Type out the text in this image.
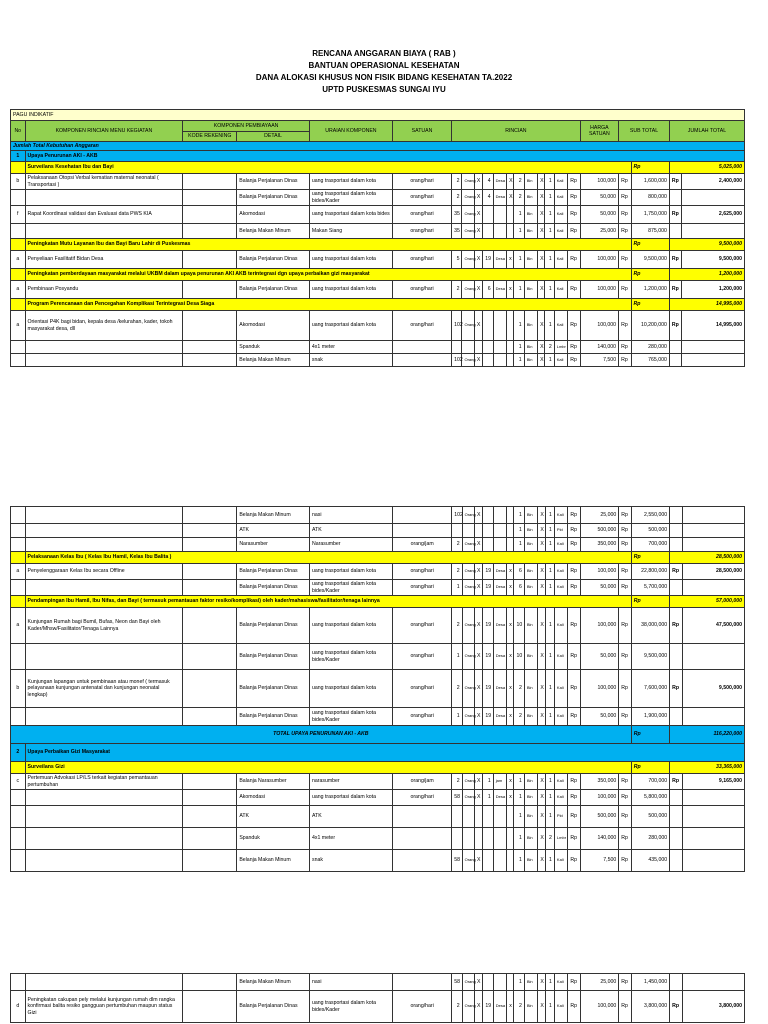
RENCANA ANGGARAN BIAYA ( RAB )
BANTUAN OPERASIONAL KESEHATAN
DANA ALOKASI KHUSUS NON FISIK BIDANG KESEHATAN TA.2022
UPTD PUSKESMAS SUNGAI IYU
PAGU INDIKATIF																						
No	KOMPONEN RINCIAN MENU KEGIATAN	KOMPONEN PEMBIAYAAN		URAIAN KOMPONEN	SATUAN	RINCIAN												HARGA SATUAN	SUB TOTAL		JUMLAH TOTAL	
		KODE REKENING	DETAIL																			
Jumlah Total Kebutuhan Anggaran																						
1	Upaya Penurunan AKI - AKB																					
	Surveilans Kesehatan Ibu dan Bayi																			Rp	5,025,000	
b	Pelaksanaan Otopsi Verbal kematian maternal neonatal ( Transportasi )		Balanja Perjalanan Dinas	uang trasportasi dalam kota	orang/hari	2	Orang	X	4	Desa	X	2	Bln	X	1	Kali	Rp	100,000	Rp	1,600,000	Rp	2,400,000
			Balanja Perjalanan Dinas	uang trasportasi dalam kota bides/Kader	orang/hari	2	Orang	X	4	Desa	X	2	Bln	X	1	Kali	Rp	50,000	Rp	800,000		
f	Rapat Koordinasi validasi dan Evaluasi data PWS KIA		Akomodasi	uang trasportasi dalam kota bides	orang/hari	35	Orang	X				1	Bln	X	1	Kali	Rp	50,000	Rp	1,750,000	Rp	2,625,000
			Belanja Makan Minum	Makan Siang	orang/hari	35	Orang	X				1	Bln	X	1	Kali	Rp	25,000	Rp	875,000		
	Peningkatan Mutu Layanan Ibu dan Bayi Baru Lahir di Puskesmas																			Rp	9,500,000	
a	Penyeliaan Fasilitatif Bidan Desa		Balanja Perjalanan Dinas	uang trasportasi dalam kota	orang/hari	5	Orang	X	19	Desa	x	1	Bln	X	1	Kali	Rp	100,000	Rp	9,500,000	Rp	9,500,000
	Peningkatan pemberdayaan masyarakat melalui UKBM dalam upaya penurunan AKI AKB terintegrasi dgn upaya perbaikan gizi masyarakat																			Rp	1,200,000	
a	Pembinaan Posyandu		Balanja Perjalanan Dinas	uang trasportasi dalam kota	orang/hari	2	Orang	X	6	Desa	x	1	Bln	X	1	Kali	Rp	100,000	Rp	1,200,000	Rp	1,200,000
	Program Perencanaan dan Pencegahan Komplikasi Terintegrasi Desa Siaga																			Rp	14,995,000	
a	Orientasi P4K bagi bidan, kepala desa /kelurahan, kader, tokoh masyarakat desa, dll		Akomodasi	uang trasportasi dalam kota	orang/hari	102	Orang	X				1	Bln	X	1	Kali	Rp	100,000	Rp	10,200,000	Rp	14,995,000
			Spanduk	4x1 meter								1	Bln	X	2	Lmbr	Rp	140,000	Rp	280,000		
			Belanja Makan Minum	snak		102	Orang	X				1	Bln	X	1	Kali	Rp	7,500	Rp	765,000		
			Belanja Makan Minum	nasi		102	Orang	X				1	Bln	X	1	Kali	Rp	25,000	Rp	2,550,000		
			ATK	ATK								1	Bln	X	1	Pkt	Rp	500,000	Rp	500,000		
			Narasumber	Narasumber	orang/jam	2	Orang	X				1	Bln	X	1	Kali	Rp	350,000	Rp	700,000		
	Pelaksanaan Kelas Ibu ( Kelas Ibu Hamil, Kelas Ibu Balita )																			Rp	28,500,000	
a	Penyelenggaraan Kelas Ibu secara Offline		Balanja Perjalanan Dinas	uang trasportasi dalam kota	orang/hari	2	Orang	X	19	Desa	x	6	Bln	X	1	Kali	Rp	100,000	Rp	22,800,000	Rp	28,500,000
			Balanja Perjalanan Dinas	uang trasportasi dalam kota bides/Kader	orang/hari	1	Orang	X	19	Desa	x	6	Bln	X	1	Kali	Rp	50,000	Rp	5,700,000		
	Pendampingan Ibu Hamil, Ibu Nifas, dan Bayi ( termasuk pemantauan faktor resiko/komplikasi) oleh kader/mahasiswa/fasilitator/tenaga lainnya																			Rp	57,000,000	
a	Kunjungan Rumah bagi Bumil, Bufas, Neon dan Bayi oleh Kader/Mhsw/Fasilitator/Tenaga Lainnya		Balanja Perjalanan Dinas	uang trasportasi dalam kota	orang/hari	2	Orang	X	19	Desa	x	10	Bln	X	1	Kali	Rp	100,000	Rp	38,000,000	Rp	47,500,000
			Balanja Perjalanan Dinas	uang trasportasi dalam kota bides/Kader	orang/hari	1	Orang	X	19	Desa	x	10	Bln	X	1	Kali	Rp	50,000	Rp	9,500,000		
b	Kunjungan lapangan untuk pembinaan atau monef ( termasuk pelayanaan kunjungan antenatal dan kunjungan neonatal lengkap)		Balanja Perjalanan Dinas	uang trasportasi dalam kota	orang/hari	2	Orang	X	19	Desa	x	2	Bln	X	1	Kali	Rp	100,000	Rp	7,600,000	Rp	9,500,000
			Balanja Perjalanan Dinas	uang trasportasi dalam kota bides/Kader	orang/hari	1	Orang	X	19	Desa	x	2	Bln	X	1	Kali	Rp	50,000	Rp	1,900,000		
TOTAL UPAYA PENURUNAN AKI - AKB																				Rp	116,220,000	
2	Upaya Perbaikan Gizi Masyarakat																					
	Surveilans Gizi																			Rp	33,365,000	
c	Pertemuan Advokasi LP/LS terkait kegiatan pemantauan pertumbuhan		Balanja Narasumber	narasumber	orang/jam	2	Orang	X	1	jam	x	1	Bln	X	1	Kali	Rp	350,000	Rp	700,000	Rp	9,165,000
			Akomodasi	uang trasportasi dalam kota	orang/hari	58	Orang	X	1	Desa	x	1	Bln	X	1	Kali	Rp	100,000	Rp	5,800,000		
			ATK	ATK								1	Bln	X	1	Pkt	Rp	500,000	Rp	500,000		
			Spanduk	4x1 meter								1	Bln	X	2	Lmbr	Rp	140,000	Rp	280,000		
			Belanja Makan Minum	snak		58	Orang	X				1	Bln	X	1	Kali	Rp	7,500	Rp	435,000		
			Belanja Makan Minum	nasi		58	Orang	X				1	Bln	X	1	Kali	Rp	25,000	Rp	1,450,000		
d	Peningkatan cakupan pely melalui kunjungan rumah dlm rangka konfirmasi balita resiko gangguan pertumbuhan maupun status Gizi		Balanja Perjalanan Dinas	uang trasportasi dalam kota bides/Kader	orang/hari	2	Orang	X	19	Desa	x	2	Bln	X	1	Kali	Rp	100,000	Rp	3,800,000	Rp	3,800,000
